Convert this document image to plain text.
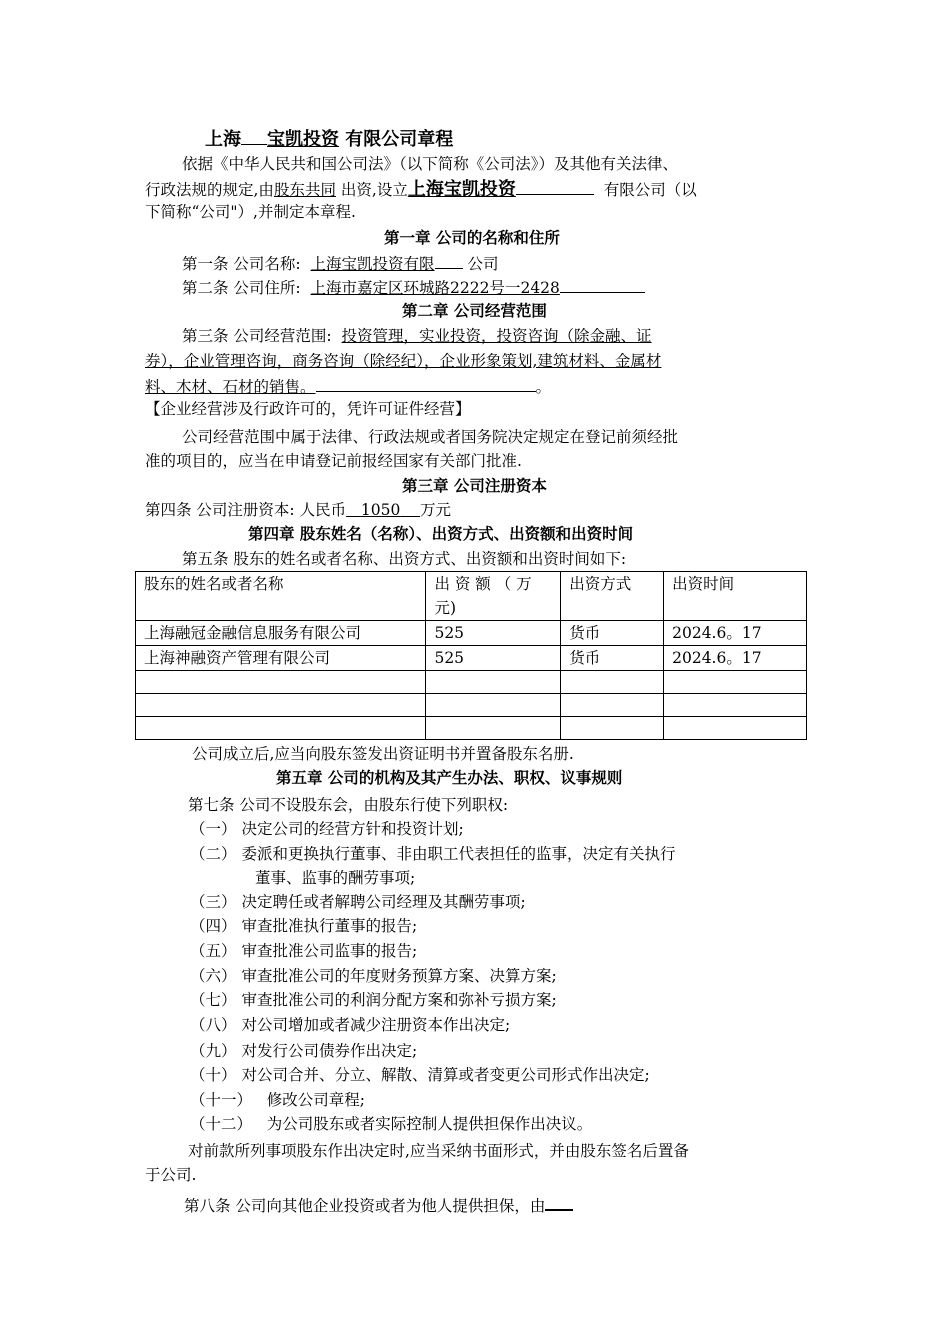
上海 宝凯投资 有限公司章程
依据《中华人民共和国公司法》（以下简称《公司法》）及其他有关法律、
行政法规的规定,由股东共同 出资,设立上海宝凯投资	有限公司（以
下简称“公司"）,并制定本章程.
第一章 公司的名称和住所
第一条 公司名称: 上海宝凯投资有限 公司
第二条 公司住所: 上海市嘉定区环城路2222号一2428
第二章 公司经营范围
第三条 公司经营范围: 投资管理，实业投资，投资咨询（除金融、证
券），企业管理咨询，商务咨询（除经纪），企业形象策划,建筑材料、金属材
料、木材、石材的销售。	。
【企业经营涉及行政许可的，凭许可证件经营】
公司经营范围中属于法律、行政法规或者国务院决定规定在登记前须经批
准的项目的，应当在申请登记前报经国家有关部门批准.
第三章 公司注册资本
第四条 公司注册资本: 人民币 1050 万元
第四章 股东姓名（名称）、出资方式、出资额和出资时间
第五条 股东的姓名或者名称、出资方式、出资额和出资时间如下:
股东的姓名或者名称	出 资 额 （ 万 元)	出资方式	出资时间
上海融冠金融信息服务有限公司	525	货币	2024.6。17
上海神融资产管理有限公司	525	货币	2024.6。17

公司成立后,应当向股东签发出资证明书并置备股东名册.
第五章 公司的机构及其产生办法、职权、议事规则
第七条 公司不设股东会，由股东行使下列职权:
（一） 决定公司的经营方针和投资计划;
（二） 委派和更换执行董事、非由职工代表担任的监事，决定有关执行
董事、监事的酬劳事项;
（三） 决定聘任或者解聘公司经理及其酬劳事项;
（四） 审查批准执行董事的报告;
（五） 审查批准公司监事的报告;
（六） 审查批准公司的年度财务预算方案、决算方案;
（七） 审查批准公司的利润分配方案和弥补亏损方案;
（八） 对公司增加或者减少注册资本作出决定;
（九） 对发行公司债券作出决定;
（十） 对公司合并、分立、解散、清算或者变更公司形式作出决定;
（十一） 修改公司章程;
（十二） 为公司股东或者实际控制人提供担保作出决议。
对前款所列事项股东作出决定时,应当采纳书面形式，并由股东签名后置备
于公司.
第八条 公司向其他企业投资或者为他人提供担保，由
